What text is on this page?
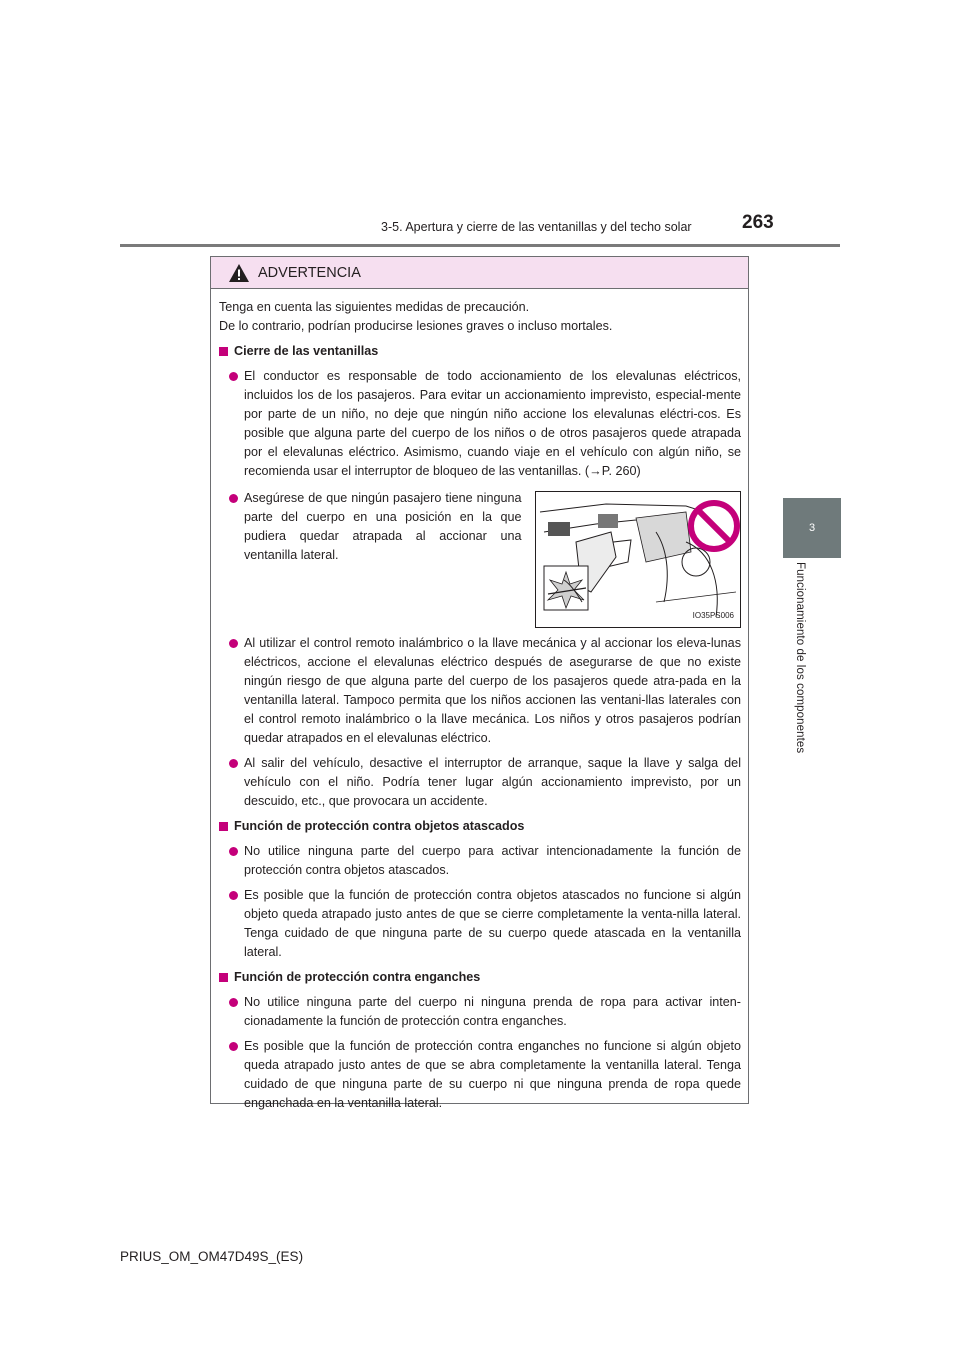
3-5. Apertura y cierre de las ventanillas y del techo solar	263
3
Funcionamiento de los componentes
ADVERTENCIA

Tenga en cuenta las siguientes medidas de precaución.
De lo contrario, podrían producirse lesiones graves o incluso mortales.

Cierre de las ventanillas
El conductor es responsable de todo accionamiento de los elevalunas eléctricos, incluidos los de los pasajeros. Para evitar un accionamiento imprevisto, especial-mente por parte de un niño, no deje que ningún niño accione los elevalunas eléctri-cos. Es posible que alguna parte del cuerpo de los niños o de otros pasajeros quede atrapada por el elevalunas eléctrico. Asimismo, cuando viaje en el vehículo con algún niño, se recomienda usar el interruptor de bloqueo de las ventanillas. (→P. 260)
Asegúrese de que ningún pasajero tiene ninguna parte del cuerpo en una posición en la que pudiera quedar atrapada al accionar una ventanilla lateral.
IO35PS006
Al utilizar el control remoto inalámbrico o la llave mecánica y al accionar los eleva-lunas eléctricos, accione el elevalunas eléctrico después de asegurarse de que no existe ningún riesgo de que alguna parte del cuerpo de los pasajeros quede atra-pada en la ventanilla lateral. Tampoco permita que los niños accionen las ventani-llas laterales con el control remoto inalámbrico o la llave mecánica. Los niños y otros pasajeros podrían quedar atrapados en el elevalunas eléctrico.
Al salir del vehículo, desactive el interruptor de arranque, saque la llave y salga del vehículo con el niño. Podría tener lugar algún accionamiento imprevisto, por un descuido, etc., que provocara un accidente.
Función de protección contra objetos atascados
No utilice ninguna parte del cuerpo para activar intencionadamente la función de protección contra objetos atascados.
Es posible que la función de protección contra objetos atascados no funcione si algún objeto queda atrapado justo antes de que se cierre completamente la venta-nilla lateral. Tenga cuidado de que ninguna parte de su cuerpo quede atascada en la ventanilla lateral.
Función de protección contra enganches
No utilice ninguna parte del cuerpo ni ninguna prenda de ropa para activar inten-cionadamente la función de protección contra enganches.
Es posible que la función de protección contra enganches no funcione si algún objeto queda atrapado justo antes de que se abra completamente la ventanilla lateral. Tenga cuidado de que ninguna parte de su cuerpo ni que ninguna prenda de ropa quede enganchada en la ventanilla lateral.
PRIUS_OM_OM47D49S_(ES)
